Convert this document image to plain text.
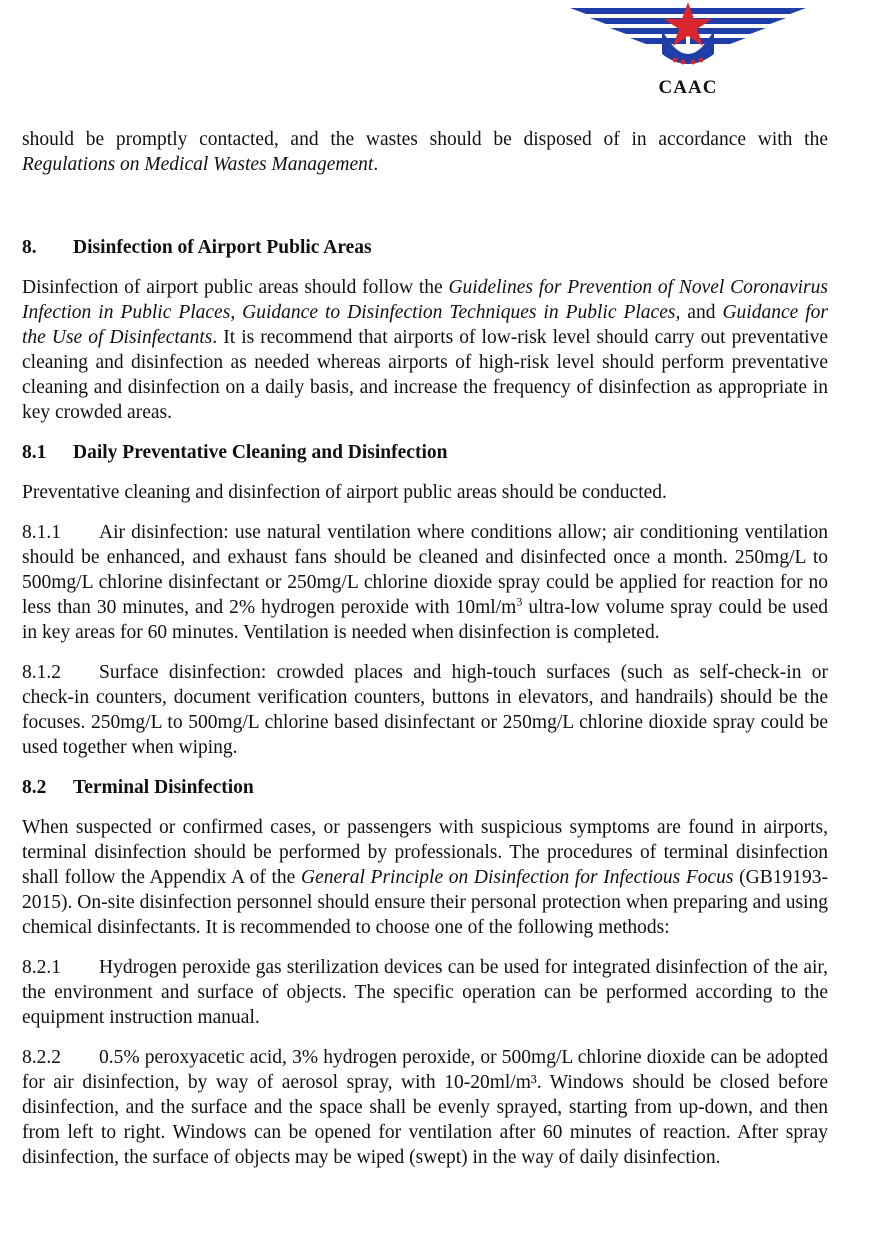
CAAC

should be promptly contacted, and the wastes should be disposed of in accordance with the Regulations on Medical Wastes Management.

8. Disinfection of Airport Public Areas

Disinfection of airport public areas should follow the Guidelines for Prevention of Novel Coronavirus Infection in Public Places, Guidance to Disinfection Techniques in Public Places, and Guidance for the Use of Disinfectants. It is recommend that airports of low-risk level should carry out preventative cleaning and disinfection as needed whereas airports of high-risk level should perform preventative cleaning and disinfection on a daily basis, and increase the frequency of disinfection as appropriate in key crowded areas.

8.1 Daily Preventative Cleaning and Disinfection

Preventative cleaning and disinfection of airport public areas should be conducted.

8.1.1 Air disinfection: use natural ventilation where conditions allow; air conditioning ventilation should be enhanced, and exhaust fans should be cleaned and disinfected once a month. 250mg/L to 500mg/L chlorine disinfectant or 250mg/L chlorine dioxide spray could be applied for reaction for no less than 30 minutes, and 2% hydrogen peroxide with $10ml/m^3$ ultra-low volume spray could be used in key areas for 60 minutes. Ventilation is needed when disinfection is completed.

8.1.2 Surface disinfection: crowded places and high-touch surfaces (such as self-check-in or check-in counters, document verification counters, buttons in elevators, and handrails) should be the focuses. 250mg/L to 500mg/L chlorine based disinfectant or 250mg/L chlorine dioxide spray could be used together when wiping.

8.2 Terminal Disinfection

When suspected or confirmed cases, or passengers with suspicious symptoms are found in airports, terminal disinfection should be performed by professionals. The procedures of terminal disinfection shall follow the Appendix A of the General Principle on Disinfection for Infectious Focus (GB19193-2015). On-site disinfection personnel should ensure their personal protection when preparing and using chemical disinfectants. It is recommended to choose one of the following methods:

8.2.1 Hydrogen peroxide gas sterilization devices can be used for integrated disinfection of the air, the environment and surface of objects. The specific operation can be performed according to the equipment instruction manual.

8.2.2 0.5% peroxyacetic acid, 3% hydrogen peroxide, or 500mg/L chlorine dioxide can be adopted for air disinfection, by way of aerosol spray, with 10-20ml/m³. Windows should be closed before disinfection, and the surface and the space shall be evenly sprayed, starting from up-down, and then from left to right. Windows can be opened for ventilation after 60 minutes of reaction. After spray disinfection, the surface of objects may be wiped (swept) in the way of daily disinfection.
